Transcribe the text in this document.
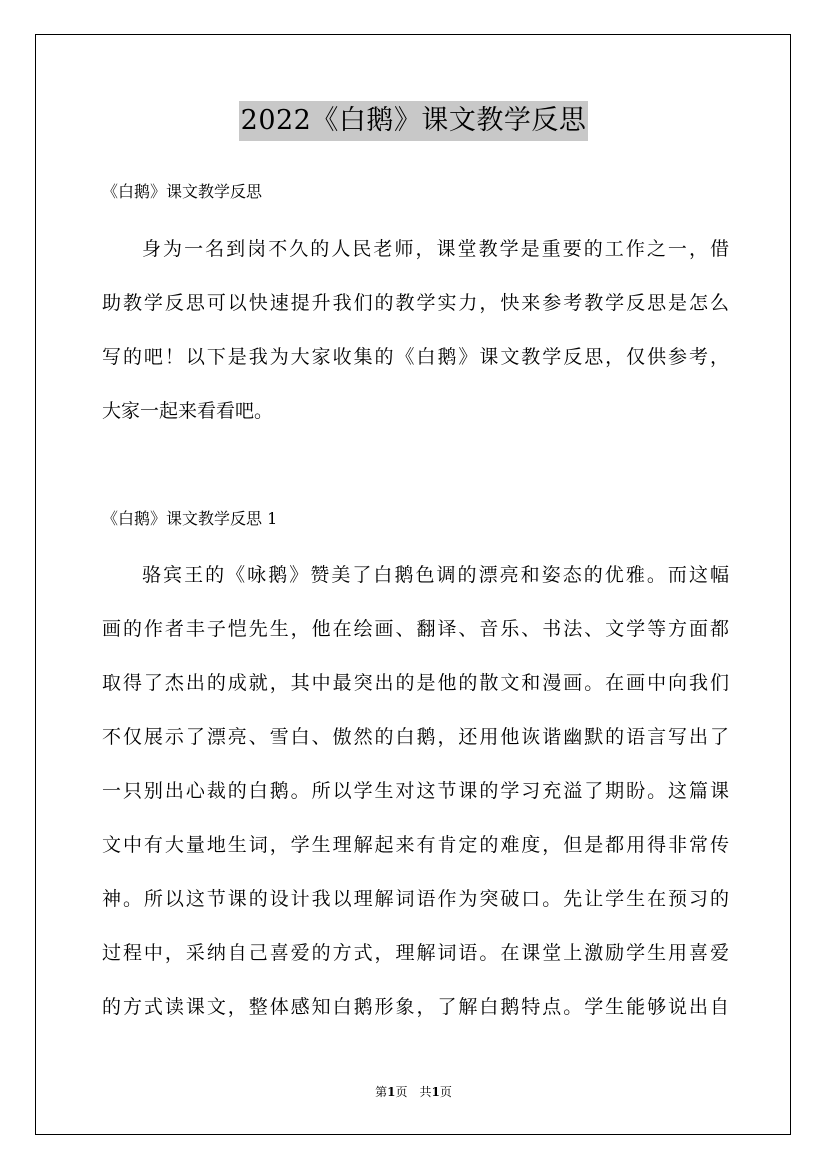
2022《白鹅》课文教学反思
《白鹅》课文教学反思
身为一名到岗不久的人民老师，课堂教学是重要的工作之一，借
助教学反思可以快速提升我们的教学实力，快来参考教学反思是怎么
写的吧！以下是我为大家收集的《白鹅》课文教学反思，仅供参考，
大家一起来看看吧。
《白鹅》课文教学反思 1
骆宾王的《咏鹅》赞美了白鹅色调的漂亮和姿态的优雅。而这幅
画的作者丰子恺先生，他在绘画、翻译、音乐、书法、文学等方面都
取得了杰出的成就，其中最突出的是他的散文和漫画。在画中向我们
不仅展示了漂亮、雪白、傲然的白鹅，还用他诙谐幽默的语言写出了
一只别出心裁的白鹅。所以学生对这节课的学习充溢了期盼。这篇课
文中有大量地生词，学生理解起来有肯定的难度，但是都用得非常传
神。所以这节课的设计我以理解词语作为突破口。先让学生在预习的
过程中，采纳自己喜爱的方式，理解词语。在课堂上激励学生用喜爱
的方式读课文，整体感知白鹅形象，了解白鹅特点。学生能够说出自
第1页　共1页
